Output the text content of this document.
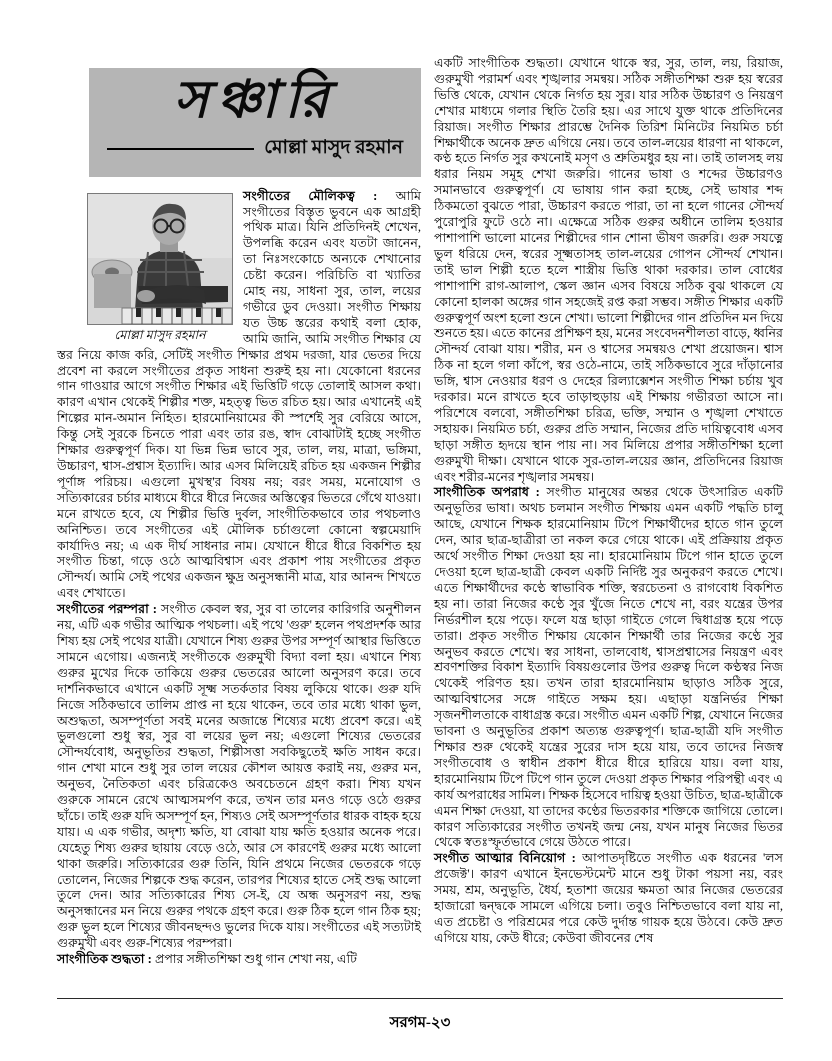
সঞ্চারি
মোল্লা মাসুদ রহমান
মোল্লা মাসুদ রহমান

সংগীতের মৌলিকত্ব : আমি সংগীতের বিস্তৃত ভুবনে এক আগ্রহী পথিক মাত্র। যিনি প্রতিদিনই শেখেন, উপলব্ধি করেন এবং যতটা জানেন, তা নিঃসংকোচে অন্যকে শেখানোর চেষ্টা করেন। পরিচিতি বা খ্যাতির মোহ নয়, সাধনা সুর, তাল, লয়ের গভীরে ডুব দেওয়া। সংগীত শিক্ষায় যত উচ্চ স্তরের কথাই বলা হোক, আমি জানি, আমি সংগীত শিক্ষার যে স্তর নিয়ে কাজ করি, সেটিই সংগীত শিক্ষার প্রথম দরজা, যার ভেতর দিয়ে প্রবেশ না করলে সংগীতের প্রকৃত সাধনা শুরুই হয় না। যেকোনো ধরনের গান গাওয়ার আগে সংগীত শিক্ষার এই ভিত্তিটি গড়ে তোলাই আসল কথা। কারণ এখান থেকেই শিল্পীর শক্ত, মহত্ত্ব ভিত রচিত হয়। আর এখানেই এই শিল্পের মান-অমান নিহিত। হারমোনিয়ামের কী স্পর্শেই সুর বেরিয়ে আসে, কিন্তু সেই সুরকে চিনতে পারা এবং তার রঙ, স্বাদ বোঝাটাই হচ্ছে সংগীত শিক্ষার গুরুত্বপূর্ণ দিক। যা ভিন্ন ভিন্ন ভাবে সুর, তাল, লয়, মাত্রা, ভঙ্গিমা, উচ্চারণ, শ্বাস-প্রশ্বাস ইত্যাদি। আর এসব মিলিয়েই রচিত হয় একজন শিল্পীর পূর্ণাঙ্গ পরিচয়। এগুলো মুখস্থ'র বিষয় নয়; বরং সময়, মনোযোগ ও সত্যিকারের চর্চার মাধ্যমে ধীরে ধীরে নিজের অস্তিত্বের ভিতরে গেঁথে যাওয়া। মনে রাখতে হবে, যে শিল্পীর ভিত্তি দুর্বল, সাংগীতিকভাবে তার পথচলাও অনিশ্চিত। তবে সংগীতের এই মৌলিক চর্চাগুলো কোনো স্বল্পমেয়াদি কার্যাদিও নয়; এ এক দীর্ঘ সাধনার নাম। যেখানে ধীরে ধীরে বিকশিত হয় সংগীত চিন্তা, গড়ে ওঠে আত্মবিশ্বাস এবং প্রকাশ পায় সংগীতের প্রকৃত সৌন্দর্য। আমি সেই পথের একজন ক্ষুদ্র অনুসন্ধানী মাত্র, যার আনন্দ শিখতে এবং শেখাতে।

সংগীতের পরম্পরা : সংগীত কেবল স্বর, সুর বা তালের কারিগরি অনুশীলন নয়, এটি এক গভীর আত্মিক পথচলা। এই পথে 'গুরু' হলেন পথপ্রদর্শক আর শিষ্য হয় সেই পথের যাত্রী। যেখানে শিষ্য গুরুর উপর সম্পূর্ণ আস্থার ভিত্তিতে সামনে এগোয়। এজন্যই সংগীতকে গুরুমুখী বিদ্যা বলা হয়। এখানে শিষ্য গুরুর মুখের দিকে তাকিয়ে গুরুর ভেতরের আলো অনুসরণ করে। তবে দার্শনিকভাবে এখানে একটি সূক্ষ্ম সতর্কতার বিষয় লুকিয়ে থাকে। গুরু যদি নিজে সঠিকভাবে তালিম প্রাপ্ত না হয়ে থাকেন, তবে তার মধ্যে থাকা ভুল, অশুদ্ধতা, অসম্পূর্ণতা সবই মনের অজান্তে শিষ্যের মধ্যে প্রবেশ করে। এই ভুলগুলো শুধু স্বর, সুর বা লয়ের ভুল নয়; এগুলো শিষ্যের ভেতরের সৌন্দর্যবোধ, অনুভূতির শুদ্ধতা, শিল্পীসত্তা সবকিছুতেই ক্ষতি সাধন করে। গান শেখা মানে শুধু সুর তাল লয়ের কৌশল আয়ত্ত করাই নয়, গুরুর মন, অনুভব, নৈতিকতা এবং চরিত্রকেও অবচেতনে গ্রহণ করা। শিষ্য যখন গুরুকে সামনে রেখে আত্মসমর্পণ করে, তখন তার মনও গড়ে ওঠে গুরুর ছাঁচে। তাই গুরু যদি অসম্পূর্ণ হন, শিষ্যও সেই অসম্পূর্ণতার ধারক বাহক হয়ে যায়। এ এক গভীর, অদৃশ্য ক্ষতি, যা বোঝা যায় ক্ষতি হওয়ার অনেক পরে। যেহেতু শিষ্য গুরুর ছায়ায় বেড়ে ওঠে, আর সে কারণেই গুরুর মধ্যে আলো থাকা জরুরি। সত্যিকারের গুরু তিনি, যিনি প্রথমে নিজের ভেতরকে গড়ে তোলেন, নিজের শিল্পকে শুদ্ধ করেন, তারপর শিষ্যের হাতে সেই শুদ্ধ আলো তুলে দেন। আর সত্যিকারের শিষ্য সে-ই, যে অন্ধ অনুসরণ নয়, শুদ্ধ অনুসন্ধানের মন নিয়ে গুরুর পথকে গ্রহণ করে। গুরু ঠিক হলে গান ঠিক হয়; গুরু ভুল হলে শিষ্যের জীবনছন্দও ভুলের দিকে যায়। সংগীতের এই সত্যটাই গুরুমুখী এবং গুরু-শিষ্যের পরম্পরা।

সাংগীতিক শুদ্ধতা : প্রপার সঙ্গীতশিক্ষা শুধু গান শেখা নয়, এটি

একটি সাংগীতিক শুদ্ধতা। যেখানে থাকে স্বর, সুর, তাল, লয়, রিয়াজ, গুরুমুখী পরামর্শ এবং শৃঙ্খলার সমন্বয়। সঠিক সঙ্গীতশিক্ষা শুরু হয় স্বরের ভিত্তি থেকে, যেখান থেকে নির্গত হয় সুর। যার সঠিক উচ্চারণ ও নিয়ন্ত্রণ শেখার মাধ্যমে গলার স্থিতি তৈরি হয়। এর সাথে যুক্ত থাকে প্রতিদিনের রিয়াজ। সংগীত শিক্ষার প্রারম্ভে দৈনিক তিরিশ মিনিটের নিয়মিত চর্চা শিক্ষার্থীকে অনেক দ্রুত এগিয়ে নেয়। তবে তাল-লয়ের ধারণা না থাকলে, কণ্ঠ হতে নির্গত সুর কখনোই মসৃণ ও শ্রুতিমধুর হয় না। তাই তালসহ লয় ধরার নিয়ম সমূহ শেখা জরুরি। গানের ভাষা ও শব্দের উচ্চারণও সমানভাবে গুরুত্বপূর্ণ। যে ভাষায় গান করা হচ্ছে, সেই ভাষার শব্দ ঠিকমতো বুঝতে পারা, উচ্চারণ করতে পারা, তা না হলে গানের সৌন্দর্য পুরোপুরি ফুটে ওঠে না। এক্ষেত্রে সঠিক গুরুর অধীনে তালিম হওয়ার পাশাপাশি ভালো মানের শিল্পীদের গান শোনা ভীষণ জরুরি। গুরু সযত্নে ভুল ধরিয়ে দেন, স্বরের সূক্ষ্মতাসহ তাল-লয়ের গোপন সৌন্দর্য শেখান। তাই ভাল শিল্পী হতে হলে শাস্ত্রীয় ভিত্তি থাকা দরকার। তাল বোধের পাশাপাশি রাগ-আলাপ, স্কেল জ্ঞান এসব বিষয়ে সঠিক বুঝ থাকলে যে কোনো হালকা অঙ্গের গান সহজেই রপ্ত করা সম্ভব। সঙ্গীত শিক্ষার একটি গুরুত্বপূর্ণ অংশ হলো শুনে শেখা। ভালো শিল্পীদের গান প্রতিদিন মন দিয়ে শুনতে হয়। এতে কানের প্রশিক্ষণ হয়, মনের সংবেদনশীলতা বাড়ে, ধ্বনির সৌন্দর্য বোঝা যায়। শরীর, মন ও শ্বাসের সমন্বয়ও শেখা প্রয়োজন। শ্বাস ঠিক না হলে গলা কাঁপে, স্বর ওঠে-নামে, তাই সঠিকভাবে সুরে দাঁড়ানোর ভঙ্গি, শ্বাস নেওয়ার ধরণ ও দেহের রিল্যাক্সেশন সংগীত শিক্ষা চর্চায় খুব দরকার। মনে রাখতে হবে তাড়াহুড়ায় এই শিক্ষায় গভীরতা আসে না। পরিশেষে বলবো, সঙ্গীতশিক্ষা চরিত্র, ভক্তি, সম্মান ও শৃঙ্খলা শেখাতে সহায়ক। নিয়মিত চর্চা, গুরুর প্রতি সম্মান, নিজের প্রতি দায়িত্ববোধ এসব ছাড়া সঙ্গীত হৃদয়ে স্থান পায় না। সব মিলিয়ে প্রপার সঙ্গীতশিক্ষা হলো গুরুমুখী দীক্ষা। যেখানে থাকে সুর-তাল-লয়ের জ্ঞান, প্রতিদিনের রিয়াজ এবং শরীর-মনের শৃঙ্খলার সমন্বয়।

সাংগীতিক অপরাধ : সংগীত মানুষের অন্তর থেকে উৎসারিত একটি অনুভূতির ভাষা। অথচ চলমান সংগীত শিক্ষায় এমন একটি পদ্ধতি চালু আছে, যেখানে শিক্ষক হারমোনিয়াম টিপে শিক্ষার্থীদের হাতে গান তুলে দেন, আর ছাত্র-ছাত্রীরা তা নকল করে গেয়ে থাকে। এই প্রক্রিয়ায় প্রকৃত অর্থে সংগীত শিক্ষা দেওয়া হয় না। হারমোনিয়াম টিপে গান হাতে তুলে দেওয়া হলে ছাত্র-ছাত্রী কেবল একটি নির্দিষ্ট সুর অনুকরণ করতে শেখে। এতে শিক্ষার্থীদের কণ্ঠে স্বাভাবিক শক্তি, স্বরচেতনা ও রাগবোধ বিকশিত হয় না। তারা নিজের কণ্ঠে সুর খুঁজে নিতে শেখে না, বরং যন্ত্রের উপর নির্ভরশীল হয়ে পড়ে। ফলে যন্ত্র ছাড়া গাইতে গেলে দ্বিধাগ্রস্ত হয়ে পড়ে তারা। প্রকৃত সংগীত শিক্ষায় যেকোন শিক্ষার্থী তার নিজের কণ্ঠে সুর অনুভব করতে শেখে। স্বর সাধনা, তালবোধ, শ্বাসপ্রশ্বাসের নিয়ন্ত্রণ এবং শ্রবণশক্তির বিকাশ ইত্যাদি বিষয়গুলোর উপর গুরুত্ব দিলে কণ্ঠস্বর নিজ থেকেই পরিণত হয়। তখন তারা হারমোনিয়াম ছাড়াও সঠিক সুরে, আত্মবিশ্বাসের সঙ্গে গাইতে সক্ষম হয়। এছাড়া যন্ত্রনির্ভর শিক্ষা সৃজনশীলতাকে বাধাগ্রস্ত করে। সংগীত এমন একটি শিল্প, যেখানে নিজের ভাবনা ও অনুভূতির প্রকাশ অত্যন্ত গুরুত্বপূর্ণ। ছাত্র-ছাত্রী যদি সংগীত শিক্ষার শুরু থেকেই যন্ত্রের সুরের দাস হয়ে যায়, তবে তাদের নিজস্ব সংগীতবোধ ও স্বাধীন প্রকাশ ধীরে ধীরে হারিয়ে যায়। বলা যায়, হারমোনিয়াম টিপে টিপে গান তুলে দেওয়া প্রকৃত শিক্ষার পরিপন্থী এবং এ কার্য অপরাধের সামিল। শিক্ষক হিসেবে দায়িত্ব হওয়া উচিত, ছাত্র-ছাত্রীকে এমন শিক্ষা দেওয়া, যা তাদের কণ্ঠের ভিতরকার শক্তিকে জাগিয়ে তোলে। কারণ সত্যিকারের সংগীত তখনই জন্ম নেয়, যখন মানুষ নিজের ভিতর থেকে স্বতঃস্ফূর্তভাবে গেয়ে উঠতে পারে।

সংগীত আত্মার বিনিয়োগ : আপাতদৃষ্টিতে সংগীত এক ধরনের 'লস প্রজেক্ট'। কারণ এখানে ইনভেস্টমেন্ট মানে শুধু টাকা পয়সা নয়, বরং সময়, শ্রম, অনুভূতি, ধৈর্য, হতাশা জয়ের ক্ষমতা আর নিজের ভেতরের হাজারো দ্বন্দ্বকে সামলে এগিয়ে চলা। তবুও নিশ্চিতভাবে বলা যায় না, এত প্রচেষ্টা ও পরিশ্রমের পরে কেউ দুর্দান্ত গায়ক হয়ে উঠবে। কেউ দ্রুত এগিয়ে যায়, কেউ ধীরে; কেউবা জীবনের শেষ

সরগম-২৩
